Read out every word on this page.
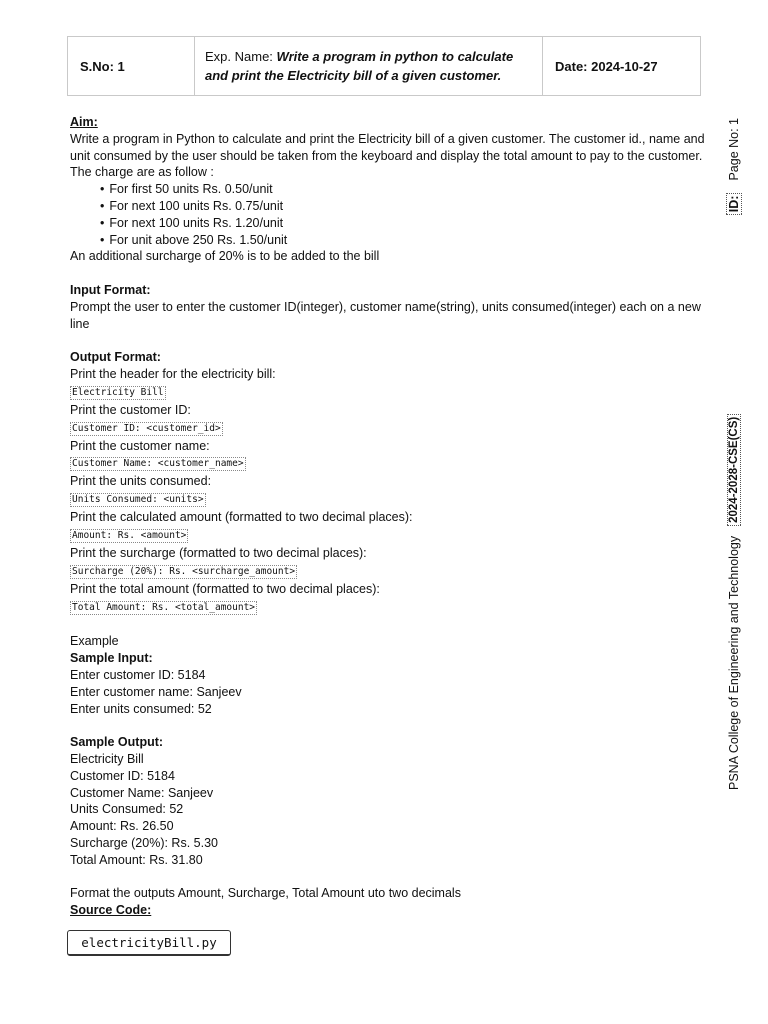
S.No: 1
Exp. Name: Write a program in python to calculate and print the Electricity bill of a given customer.
Date: 2024-10-27

Aim:

Write a program in Python to calculate and print the Electricity bill of a given customer. The customer id., name and unit consumed by the user should be taken from the keyboard and display the total amount to pay to the customer.

The charge are as follow :

• For first 50 units Rs. 0.50/unit
• For next 100 units Rs. 0.75/unit
• For next 100 units Rs. 1.20/unit
• For unit above 250 Rs. 1.50/unit

An additional surcharge of 20% is to be added to the bill

Input Format:

Prompt the user to enter the customer ID(integer), customer name(string), units consumed(integer) each on a new line

Output Format:

Print the header for the electricity bill:

Electricity Bill

Print the customer ID:

Customer ID: <customer_id>

Print the customer name:

Customer Name: <customer_name>

Print the units consumed:

Units Consumed: <units>

Print the calculated amount (formatted to two decimal places):

Amount: Rs. <amount>

Print the surcharge (formatted to two decimal places):

Surcharge (20%): Rs. <surcharge_amount>

Print the total amount (formatted to two decimal places):

Total Amount: Rs. <total_amount>

Example

Sample Input:

Enter customer ID: 5184

Enter customer name: Sanjeev

Enter units consumed: 52

Sample Output:

Electricity Bill

Customer ID: 5184

Customer Name: Sanjeev

Units Consumed: 52

Amount: Rs. 26.50

Surcharge (20%): Rs. 5.30

Total Amount: Rs. 31.80

Format the outputs Amount, Surcharge, Total Amount uto two decimals

Source Code:

electricityBill.py
PSNA College of Engineering and Technology
2024-2028-CSE(CS)
ID:
Page No: 1
